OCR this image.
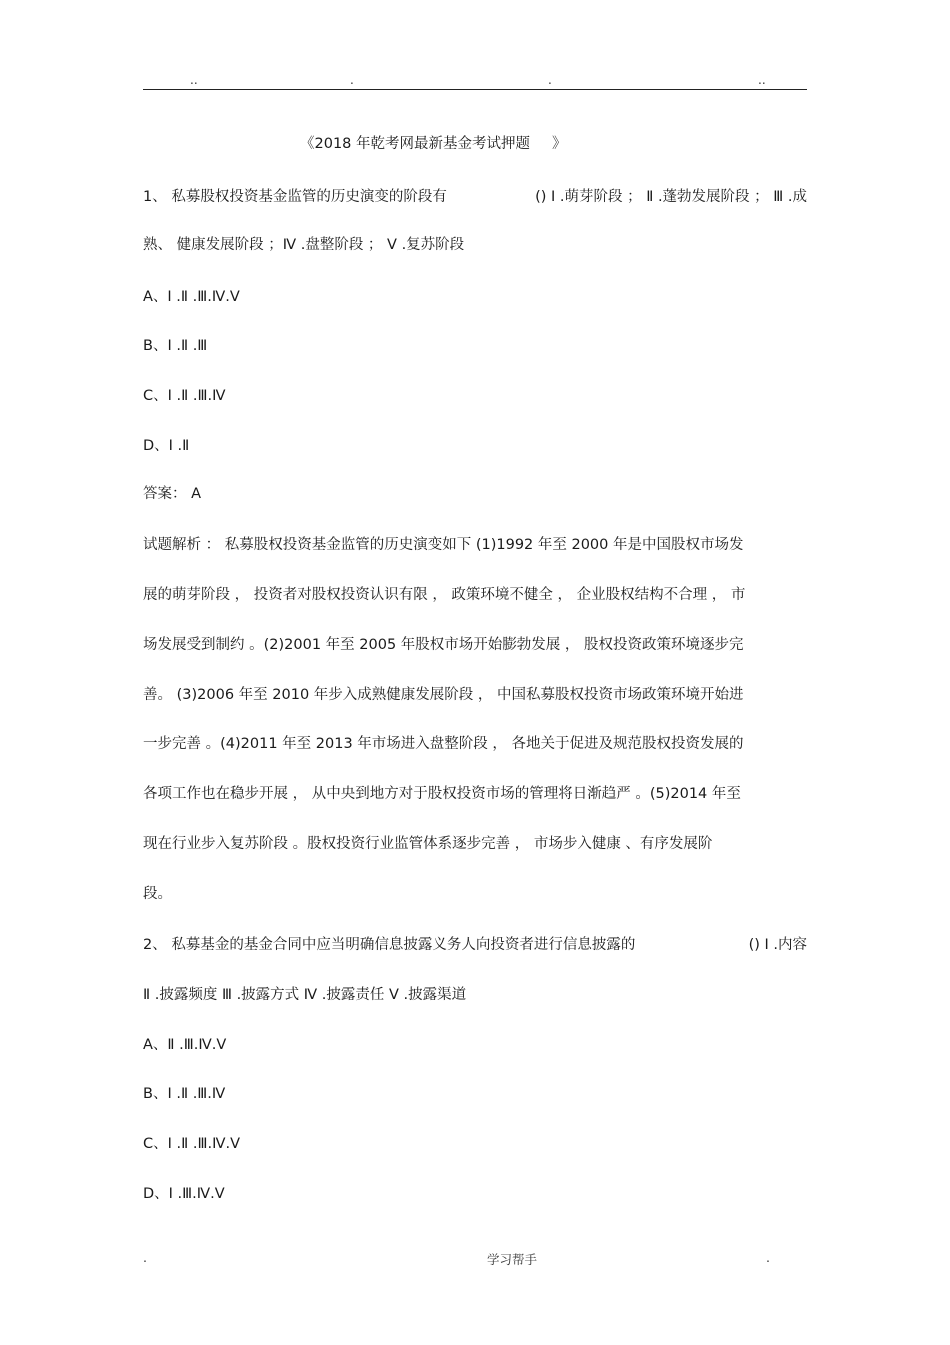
..	.	.	..
《2018 年乾考网最新基金考试押题 》
1、 私募股权投资基金监管的历史演变的阶段有	() Ⅰ .萌芽阶段 ； Ⅱ .蓬勃发展阶段 ； Ⅲ .成
熟、 健康发展阶段 ；Ⅳ .盘整阶段 ； Ⅴ .复苏阶段
A、Ⅰ .Ⅱ .Ⅲ.Ⅳ.Ⅴ
B、Ⅰ .Ⅱ .Ⅲ
C、Ⅰ .Ⅱ .Ⅲ.Ⅳ
D、Ⅰ .Ⅱ
答案： A
试题解析 ： 私募股权投资基金监管的历史演变如下 (1)1992 年至 2000 年是中国股权市场发
展的萌芽阶段 ， 投资者对股权投资认识有限 ， 政策环境不健全 ， 企业股权结构不合理 ， 市
场发展受到制约 。(2)2001 年至 2005 年股权市场开始膨勃发展 ， 股权投资政策环境逐步完
善。 (3)2006 年至 2010 年步入成熟健康发展阶段 ， 中国私募股权投资市场政策环境开始进
一步完善 。(4)2011 年至 2013 年市场进入盘整阶段 ， 各地关于促进及规范股权投资发展的
各项工作也在稳步开展 ， 从中央到地方对于股权投资市场的管理将日渐趋严 。(5)2014 年至
现在行业步入复苏阶段 。股权投资行业监管体系逐步完善 ， 市场步入健康 、有序发展阶
段。
2、 私募基金的基金合同中应当明确信息披露义务人向投资者进行信息披露的	() Ⅰ .内容
Ⅱ .披露频度 Ⅲ .披露方式 Ⅳ .披露责任 Ⅴ .披露渠道
A、Ⅱ .Ⅲ.Ⅳ.Ⅴ
B、Ⅰ .Ⅱ .Ⅲ.Ⅳ
C、Ⅰ .Ⅱ .Ⅲ.Ⅳ.Ⅴ
D、Ⅰ .Ⅲ.Ⅳ.Ⅴ
.	学习帮手	.
